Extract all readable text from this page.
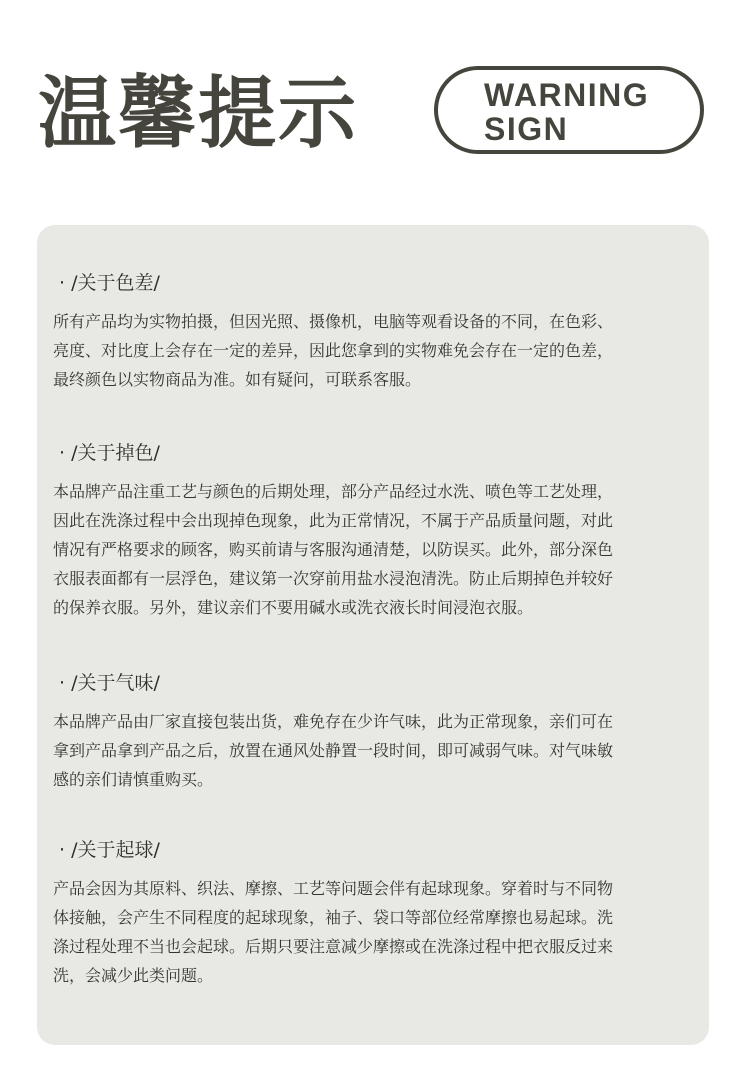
温馨提示	WARNING
SIGN
· /关于色差/

所有产品均为实物拍摄，但因光照、摄像机，电脑等观看设备的不同，在色彩、
亮度、对比度上会存在一定的差异，因此您拿到的实物难免会存在一定的色差，
最终颜色以实物商品为准。如有疑问，可联系客服。

· /关于掉色/

本品牌产品注重工艺与颜色的后期处理，部分产品经过水洗、喷色等工艺处理，
因此在洗涤过程中会出现掉色现象，此为正常情况，不属于产品质量问题，对此
情况有严格要求的顾客，购买前请与客服沟通清楚，以防误买。此外，部分深色
衣服表面都有一层浮色，建议第一次穿前用盐水浸泡清洗。防止后期掉色并较好
的保养衣服。另外，建议亲们不要用碱水或洗衣液长时间浸泡衣服。

· /关于气味/

本品牌产品由厂家直接包装出货，难免存在少许气味，此为正常现象，亲们可在
拿到产品拿到产品之后，放置在通风处静置一段时间，即可减弱气味。对气味敏
感的亲们请慎重购买。

· /关于起球/

产品会因为其原料、织法、摩擦、工艺等问题会伴有起球现象。穿着时与不同物
体接触，会产生不同程度的起球现象，袖子、袋口等部位经常摩擦也易起球。洗
涤过程处理不当也会起球。后期只要注意减少摩擦或在洗涤过程中把衣服反过来
洗，会减少此类问题。
